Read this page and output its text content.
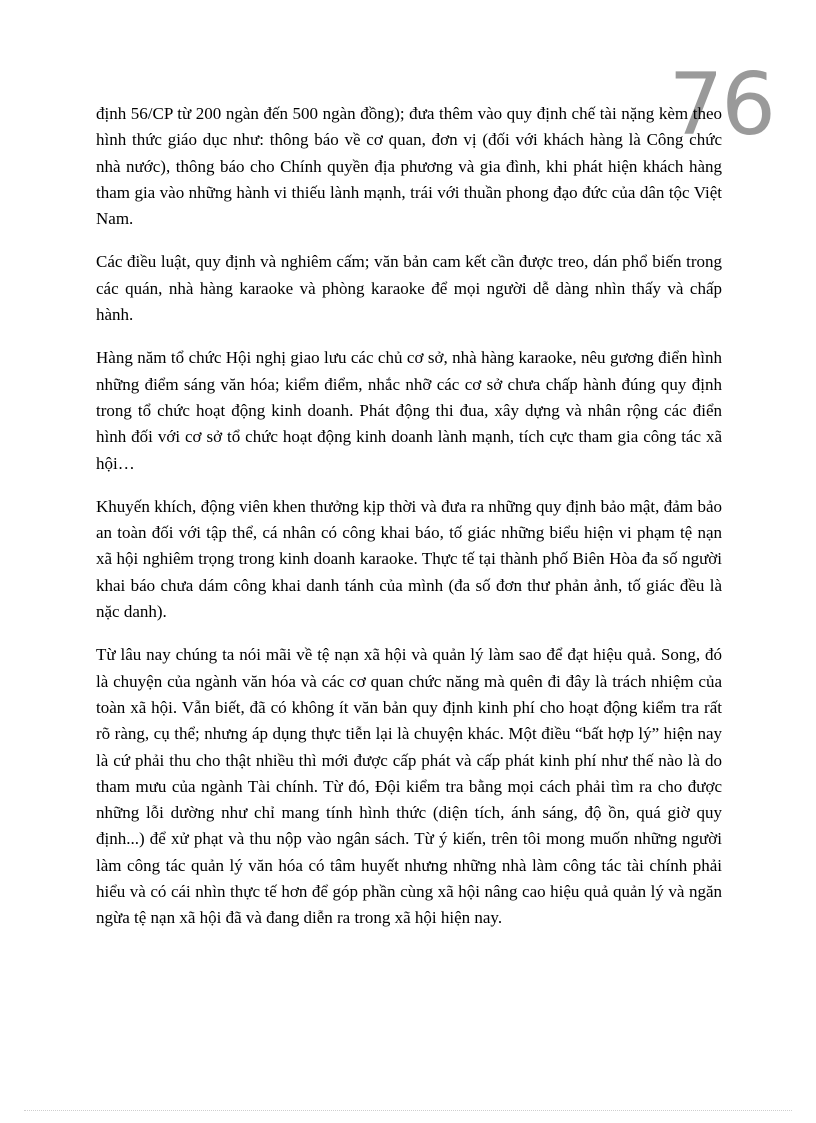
76

định 56/CP từ 200 ngàn đến 500 ngàn đồng); đưa thêm vào quy định chế tài nặng kèm theo hình thức giáo dục như: thông báo về cơ quan, đơn vị (đối với khách hàng là Công chức nhà nước), thông báo cho Chính quyền địa phương và gia đình, khi phát hiện khách hàng tham gia vào những hành vi thiếu lành mạnh, trái với thuần phong đạo đức của dân tộc Việt Nam.

Các điều luật, quy định và nghiêm cấm; văn bản cam kết cần được treo, dán phổ biến trong các quán, nhà hàng karaoke và phòng karaoke để mọi người dễ dàng nhìn thấy và chấp hành.

Hàng năm tổ chức Hội nghị giao lưu các chủ cơ sở, nhà hàng karaoke, nêu gương điển hình những điểm sáng văn hóa; kiểm điểm, nhắc nhỡ các cơ sở chưa chấp hành đúng quy định trong tổ chức hoạt động kinh doanh. Phát động thi đua, xây dựng và nhân rộng các điển hình đối với cơ sở tổ chức hoạt động kinh doanh lành mạnh, tích cực tham gia công tác xã hội…

Khuyến khích, động viên khen thưởng kịp thời và đưa ra những quy định bảo mật, đảm bảo an toàn đối với tập thể, cá nhân có công khai báo, tố giác những biểu hiện vi phạm tệ nạn xã hội nghiêm trọng trong kinh doanh karaoke. Thực tế tại thành phố Biên Hòa đa số người khai báo chưa dám công khai danh tánh của mình (đa số đơn thư phản ảnh, tố giác đều là nặc danh).

Từ lâu nay chúng ta nói mãi về tệ nạn xã hội và quản lý làm sao để đạt hiệu quả. Song, đó là chuyện của ngành văn hóa và các cơ quan chức năng mà quên đi đây là trách nhiệm của toàn xã hội. Vẫn biết, đã có không ít văn bản quy định kinh phí cho hoạt động kiểm tra rất rõ ràng, cụ thể; nhưng áp dụng thực tiễn lại là chuyện khác. Một điều “bất hợp lý” hiện nay là cứ phải thu cho thật nhiều thì mới được cấp phát và cấp phát kinh phí như thế nào là do tham mưu của ngành Tài chính. Từ đó, Đội kiểm tra bằng mọi cách phải tìm ra cho được những lỗi dường như chỉ mang tính hình thức (diện tích, ánh sáng, độ ồn, quá giờ quy định...) để xử phạt và thu nộp vào ngân sách. Từ ý kiến, trên tôi mong muốn những người làm công tác quản lý văn hóa có tâm huyết nhưng những nhà làm công tác tài chính phải hiểu và có cái nhìn thực tế hơn để góp phần cùng xã hội nâng cao hiệu quả quản lý và ngăn ngừa tệ nạn xã hội đã và đang diễn ra trong xã hội hiện nay.
